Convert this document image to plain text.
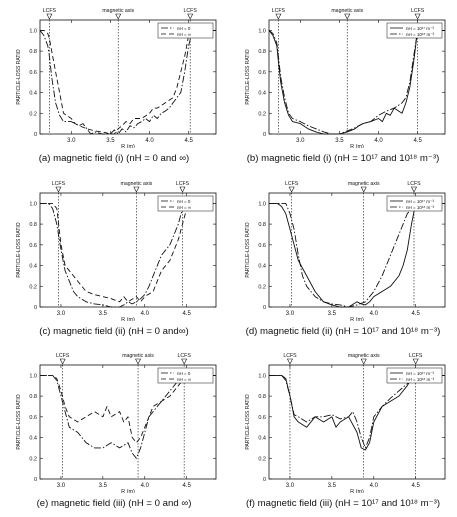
0
0.2
0.4
0.6
0.8
1.0
3.0	3.5	4.0	4.5
R (m)
PARTICLE-LOSS RATIO
LCFS	magnetic axis	LCFS
nH = 0
nH = ∞
(a) magnetic field (i) (nH = 0 and ∞)
0
0.2
0.4
0.6
0.8
1.0
3.0	3.5	4.0	4.5
R (m)
PARTICLE-LOSS RATIO
LCFS	magnetic axis	LCFS
nH = 10¹⁷ m⁻³
nH = 10¹⁸ m⁻³
(b) magnetic field (i) (nH = 10¹⁷ and 10¹⁸ m⁻³)
0
0.2
0.4
0.6
0.8
1.0
3.0	3.5	4.0	4.5
R (m)
PARTICLE-LOSS RATIO
LCFS	magnetic axis	LCFS
nH = 0
nH = ∞
(c) magnetic field (ii) (nH = 0 and∞)
0
0.2
0.4
0.6
0.8
1.0
3.0	3.5	4.0	4.5
R (m)
PARTICLE-LOSS RATIO
LCFS	magnetic axis	LCFS
nH = 10¹⁷ m⁻³
nH = 10¹⁸ m⁻³
(d) magnetic field (ii) (nH = 10¹⁷ and 10¹⁸ m⁻³)
0
0.2
0.4
0.6
0.8
1.0
3.0	3.5	4.0	4.5
R (m)
PARTICLE-LOSS RATIO
LCFS	magnetic axis	LCFS
nH = 0
nH = ∞
(e) magnetic field (iii) (nH = 0 and ∞)
0
0.2
0.4
0.6
0.8
1.0
3.0	3.5	4.0	4.5
R (m)
PARTICLE-LOSS RATIO
LCFS	magnetic axis	LCFS
nH = 10¹⁷ m⁻³
nH = 10¹⁸ m⁻³
(f) magnetic field (iii) (nH = 10¹⁷ and 10¹⁸ m⁻³)
